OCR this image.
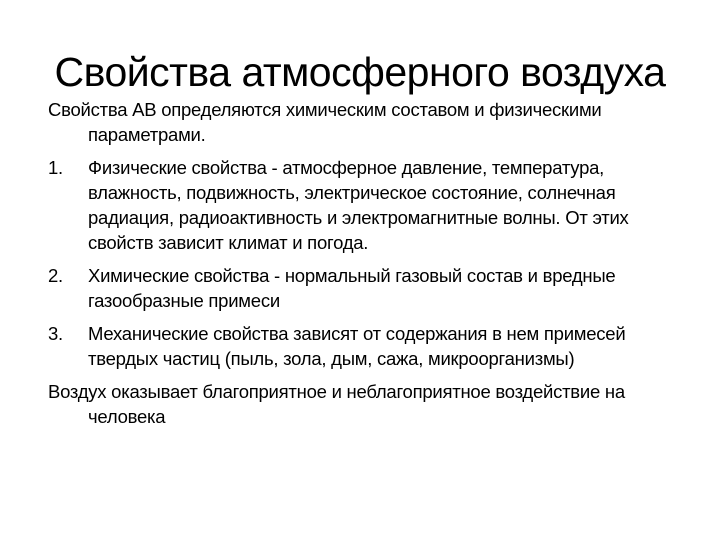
Свойства атмосферного воздуха

Свойства АВ определяются химическим составом и физическими параметрами.

1. Физические свойства - атмосферное давление, температура, влажность, подвижность, электрическое состояние, солнечная радиация, радиоактивность и электромагнитные волны. От этих свойств зависит климат и погода.
2. Химические свойства - нормальный газовый состав и вредные газообразные примеси
3. Механические свойства зависят от содержания в нем примесей твердых частиц (пыль, зола, дым, сажа, микроорганизмы)

Воздух оказывает благоприятное и неблагоприятное воздействие на человека
